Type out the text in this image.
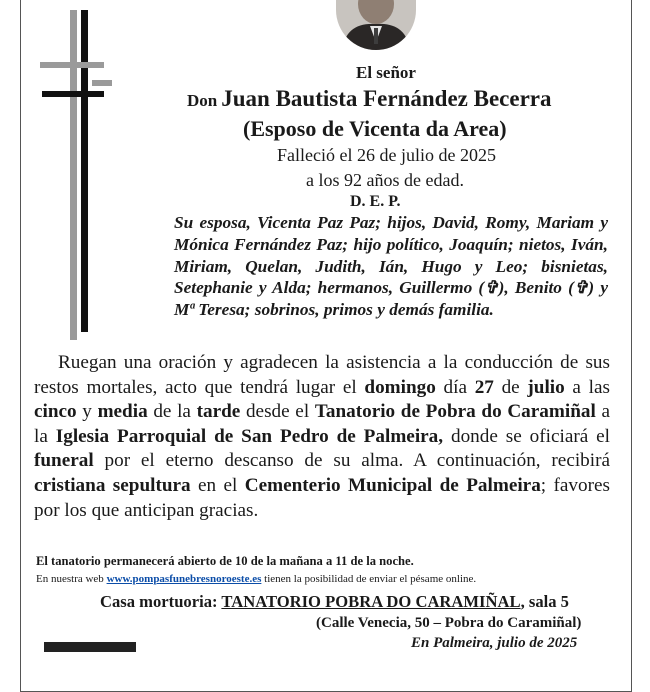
El señor
Don Juan Bautista Fernández Becerra
(Esposo de Vicenta da Area)
Falleció el 26 de julio de 2025
a los 92 años de edad.
D. E. P.
Su esposa, Vicenta Paz Paz; hijos, David, Romy, Mariam y Mónica Fernández Paz; hijo político, Joaquín; nietos, Iván, Miriam, Quelan, Judith, Ián, Hugo y Leo; bisnietas, Setephanie y Alda; hermanos, Guillermo (✞), Benito (✞) y Mª Teresa; sobrinos, primos y demás familia.
Ruegan una oración y agradecen la asistencia a la conducción de sus restos mortales, acto que tendrá lugar el domingo día 27 de julio a las cinco y media de la tarde desde el Tanatorio de Pobra do Caramiñal a la Iglesia Parroquial de San Pedro de Palmeira, donde se oficiará el funeral por el eterno descanso de su alma. A continuación, recibirá cristiana sepultura en el Cementerio Municipal de Palmeira; favores por los que anticipan gracias.
El tanatorio permanecerá abierto de 10 de la mañana a 11 de la noche.
En nuestra web www.pompasfunebresnoroeste.es tienen la posibilidad de enviar el pésame online.
Casa mortuoria: TANATORIO POBRA DO CARAMIÑAL, sala 5
(Calle Venecia, 50 – Pobra do Caramiñal)
En Palmeira, julio de 2025
